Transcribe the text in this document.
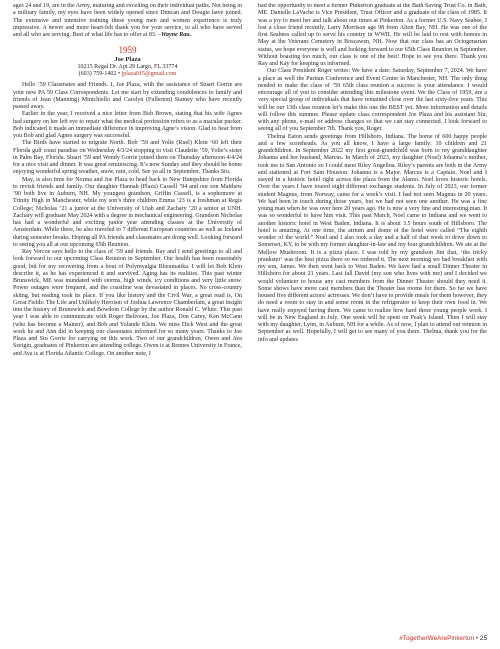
ages 24 and 19, are in the Army, maturing and excelling on their individual paths. Not being in a military family, my eyes have been widely opened since Duncan and Dougie have joined. The extensive and intensive training these young men and women experience is truly impressive. A newer and more heart-felt thank you for your service, to all who have served and all who are serving. Best of what life has to offer at 83. –Wayne Rau.

1959
Joe Plaza
10215 Regal Dr. Apt 29 Largo, FL 33774
(603) 759-1402 • jplaza015@gmail.com

Hello ’59 Classmates and Friends. I, Joe Plaza, with the assistance of Stuart Gorrie are your new PA 59 Class Correspondents. Let me start by extending condolences to family and friends of Jean (Manning) Minichiello and Carolyn (Fullerton) Stamey who have recently passed away.

Earlier in the year, I received a nice letter from Bob Brown, stating that his wife Agnes had surgery on her left eye to repair what the medical profession refers to as a macular pucker. Bob indicated it made an immediate difference in improving Agne’s vision. Glad to hear from you Bob and glad Agnes surgery was successful.

The Birds have started to migrate North. Bob ’59 and Yolie (Ruel) Klein ’60 left their Florida gulf coast paradise on Wednesday 4/3/24 stopping to visit Claudette ’59, Yolie’s sister in Palm Bay, Florida. Stuart ’59 and Wendy Gorrie joined them on Thursday afternoon 4/4/24 for a nice visit and dinner. It was great reminiscing. It’s now Sunday and they should be home enjoying wonderful spring weather, snow, rain, cold. See ya all in September. Thanks Stu.

May, is also time for Norma and Joe Plaza to head back to New Hampshire from Florida to revisit friends and family. Our daughter Hannah (Plaza) Cassell ’94 and our son Matthew ’90 both live in Auburn, NH. My youngest grandson, Griffin Cassell, is a sophomore at Trinity High in Manchester, while my son’s three children Emma ’23 is a freshman at Regis College; Nicholas ’21 a junior at the University of Utah and Zachary ’20 a senior at UNH. Zachary will graduate May 2024 with a degree in mechanical engineering. Grandson Nicholas has had a wonderful and exciting junior year attending classes at the University of Amsterdam. While there, he also traveled to 7 different European countries as well as Iceland during semester breaks. Hoping all PA friends and classmates are doing well. Looking forward to seeing you all at our upcoming 65th Reunion.

Ray Vercoe says hello to the class of ’59 and friends. Ray and I send greetings to all and look forward to our upcoming Class Reunion in September. Our health has been reasonably good, but for my recovering from a bout of Polymyalgia Rheumatika. I will let Bob Klein describe it, as he has experienced it and survived. Aging has its realities. This past winter Brunswick, ME was inundated with storms, high winds, icy conditions and very little snow. Power outages were frequent, and the coastline was devastated in places. No cross-country skiing, but reading took its place. If you like history and the Civil War, a great read is, On Great Fields: The Life and Unlikely Heroism of Joshua Lawrence Chamberlain, a great insight into the history of Brunswick and Bowdoin College by the author Ronald C. White. This past year I was able to communicate with Roger Beliveau, Joe Plaza, Don Carey, Ken McCann (who has become a Mainer), and Bob and Yolande Klein. We miss Dick West and the great work he and Ann did in keeping our classmates informed for so many years. Thanks to Joe Plaza and Stu Gorrie for carrying on this work. Two of our grandchildren, Owen and Ava Szeigin, graduates of Pinkerton are attending college. Owen is at Rennes University in France, and Ava is at Florida Atlantic College. On another note, I

had the opportunity to meet a former Pinkerton graduate at the Bath Saving Trust Co. in Bath, ME. Danielle LaVache is Vice President, Trust Officer and a graduate of the class of 1985. It was a joy to meet her and talk about our times at Pinkerton. As a former U.S. Navy Seabee, I lost a close friend recently, Larry Morrison age 98 from Alton Bay, NH. He was one of the first Seabees called up to serve his country in WWII. He will be laid to rest with honors in May at the Veterans Cemetery in Boscawen, NH. Now that our class has an Octogenarian status, we hope everyone is well and looking forward to our 65th Class Reunion in September. Without boasting too much, our class is one of the best! Hope to see you there. Thank you Ray and Kay for keeping us informed.

Our Class President Roger writes: We have a date: Saturday, September 7, 2024. We have a place as well the Puritan Conference and Event Center in Manchester, NH. The only thing needed to make the class of ’59 65th class reunion a success is your attendance. I would encourage all of you to consider attending this milestone event. We the Class of 1959, are a very special group of individuals that have remained close over the last sixty-five years. This will be our 13th class reunion let’s make this one the BEST yet. More information and details will follow this summer. Please update class correspondent Joe Plaza and his assistant Stu, with any phone, e-mail or address changes so that we can stay connected. I look forward to seeing all of you September 7th. Thank you, Roger.

Thelma Eaton sends greetings from Hillsboro, Indiana. The home of 600 happy people and a few scoreheads. As you all know, I have a large family: 10 children and 21 grandchildren. In September 2022 my first great-grandchild was born to my granddaughter Johanna and her husband, Marcus. In March of 2023, my daughter (Noel) Johanna’s mother, took me to San Antonio so I could meet Riley Angelina. Riley’s parents are both in the Army and stationed at Fort Sam Houston. Johanna is a Major. Marcus is a Captain. Noel and I stayed in a historic hotel right across the plaza from the Alamo. Noel loves historic hotels. Over the years I have toured eight different exchange students. In July of 2023, our former student Magnus, from Norway, came for a week’s visit. I had not seen Magnus in 20 years. We had been in touch during those years, but we had not seen one another. He was a fine young man when he was over here 20 years ago. He is now a very fine and interesting man. It was so wonderful to have him visit. This past March, Noel came to Indiana and we went to another historic hotel in West Baden, Indiana. It is about 3.5 hours south of Hillsboro. The hotel is amazing. At one time, the atrium and dome of the hotel were called “The eighth wonder of the world.” Noel and I also took a day and a half of that week to drive down to Somerset, KY, to be with my former daughter-in-law and my four grandchildren. We ate at the Mellow Mushroom. It is a pizza place. I was told by my grandson Jim that, ‘the tricky prankster’ was the best pizza there so we ordered it. The next morning we had breakfast with my son, James. We then went back to West Baden. We have had a small Dinner Theater in Hillsboro for about 21 years. Last fall David (my son who lives with me) and I decided we would volunteer to house any cast members from the Dinner Theater should they need it. Some shows have more cast members than the Theater has rooms for them. So far we have housed five different actors/ actresses. We don’t have to provide meals for them however, they do need a room to stay in and some room in the refrigerator to keep their own food in. We have really enjoyed having them. We came to realize how hard these young people work. I will be in New England in July. One week will be spent on Peak’s Island. Then I will stay with my daughter, Lynn, in Auburn, NH for a while. As of now, I plan to attend our reunion in September as well. Hopefully, I will get to see many of you there. Thelma, thank you for the info and updates

#TogetherWeArePinkerton • 25
